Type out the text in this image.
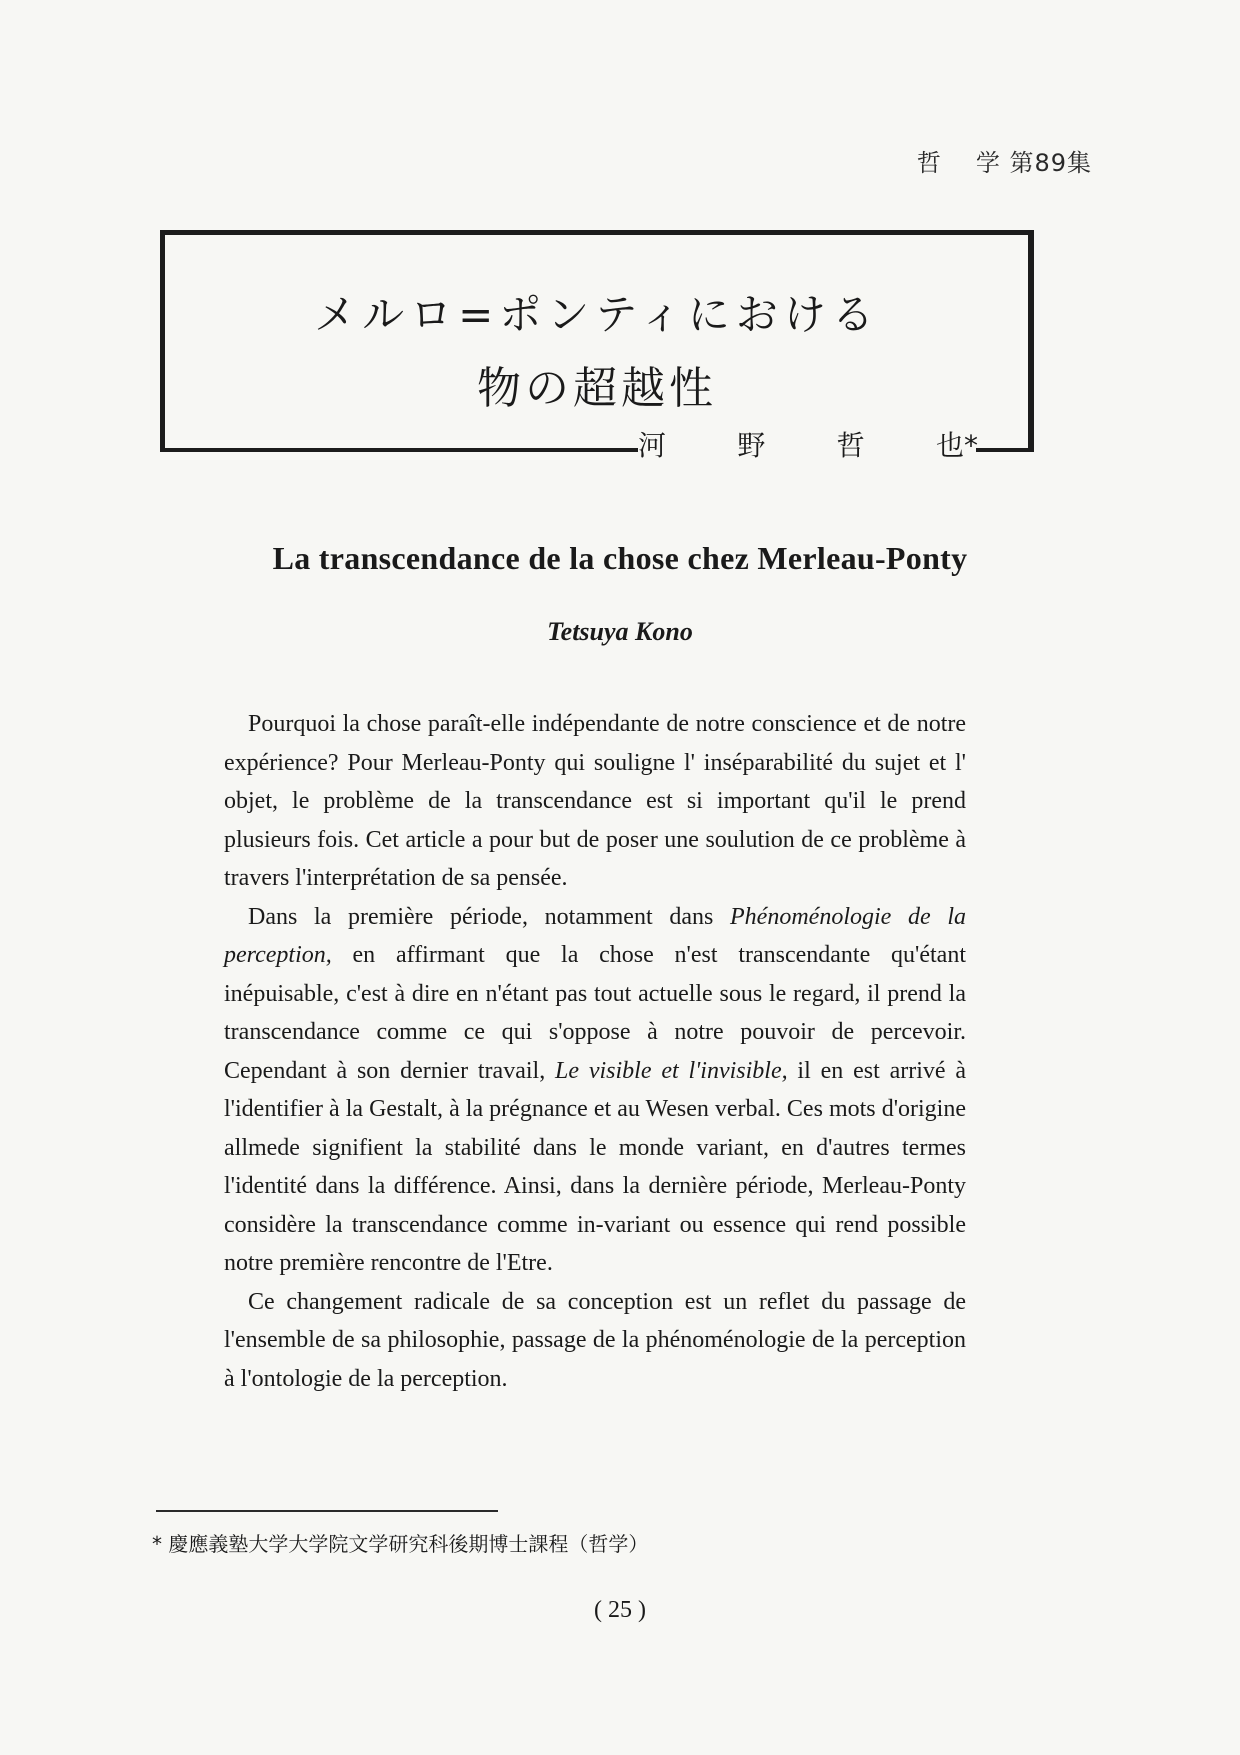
哲 学 第89集
メルロ=ポンティにおける
物の超越性
河	野	哲	也*
La transcendance de la chose chez Merleau-Ponty
Tetsuya Kono

Pourquoi la chose paraît-elle indépendante de notre conscience et de notre expérience? Pour Merleau-Ponty qui souligne l' inséparabilité du sujet et l' objet, le problème de la transcendance est si important qu'il le prend plusieurs fois. Cet article a pour but de poser une soulution de ce problème à travers l'interprétation de sa pensée.

Dans la première période, notamment dans Phénoménologie de la perception, en affirmant que la chose n'est transcendante qu'étant inépuisable, c'est à dire en n'étant pas tout actuelle sous le regard, il prend la transcendance comme ce qui s'oppose à notre pouvoir de percevoir. Cependant à son dernier travail, Le visible et l'invisible, il en est arrivé à l'identifier à la Gestalt, à la prégnance et au Wesen verbal. Ces mots d'origine allmede signifient la stabilité dans le monde variant, en d'autres termes l'identité dans la différence. Ainsi, dans la dernière période, Merleau-Ponty considère la transcendance comme in-variant ou essence qui rend possible notre première rencontre de l'Etre.

Ce changement radicale de sa conception est un reflet du passage de l'ensemble de sa philosophie, passage de la phénoménologie de la perception à l'ontologie de la perception.

* 慶應義塾大学大学院文学研究科後期博士課程（哲学）
( 25 )
